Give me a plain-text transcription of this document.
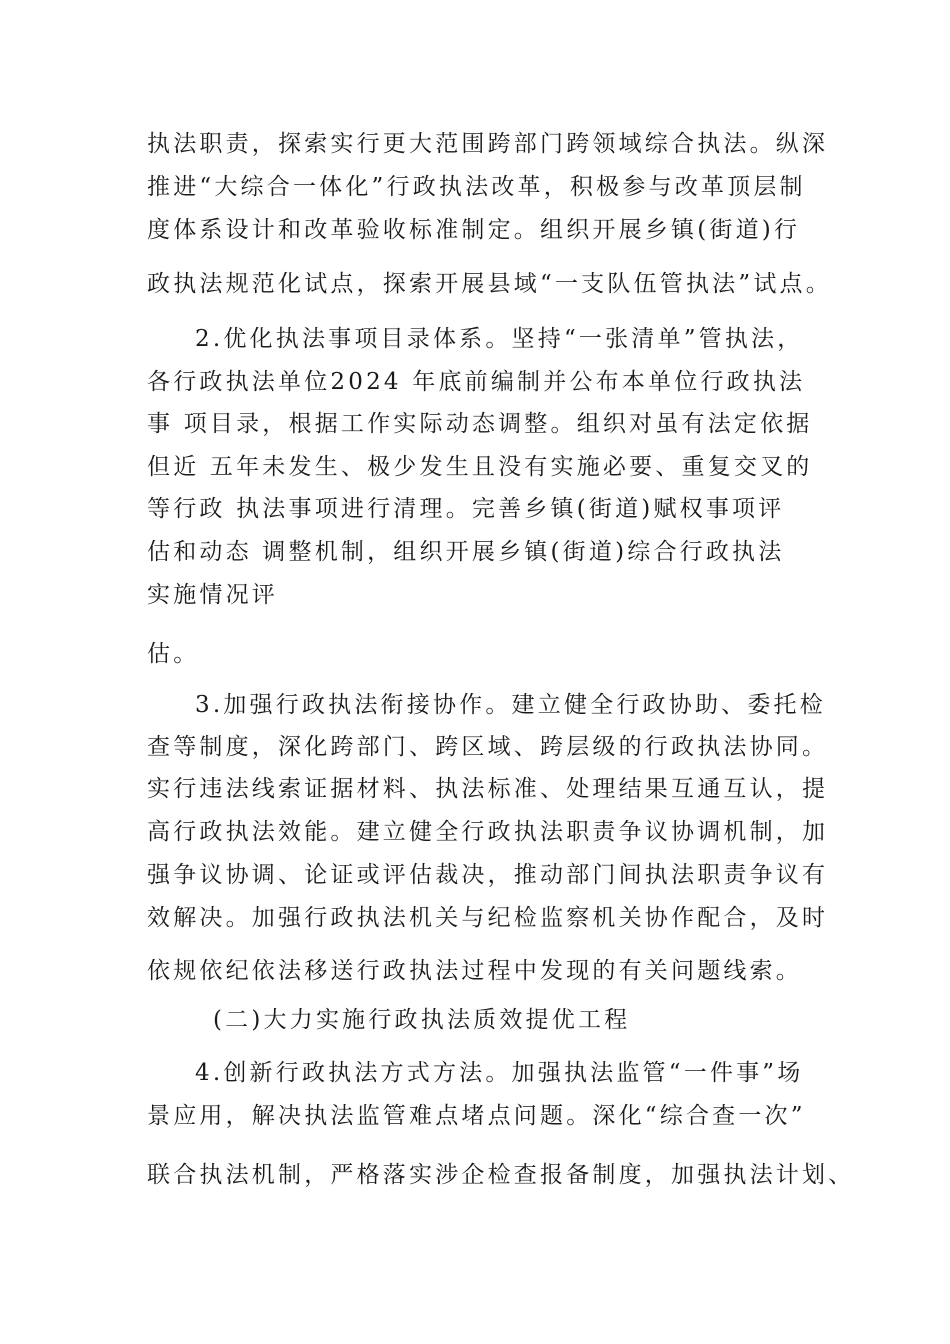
执法职责，探索实行更大范围跨部门跨领域综合执法。纵深

推进“大综合一体化”行政执法改革，积极参与改革顶层制

度体系设计和改革验收标准制定。组织开展乡镇(街道)行

政执法规范化试点，探索开展县域“一支队伍管执法”试点。

2.优化执法事项目录体系。坚持“一张清单”管执法，

各行政执法单位2024 年底前编制并公布本单位行政执法

事 项目录，根据工作实际动态调整。组织对虽有法定依据

但近 五年未发生、极少发生且没有实施必要、重复交叉的

等行政 执法事项进行清理。完善乡镇(街道)赋权事项评

估和动态 调整机制，组织开展乡镇(街道)综合行政执法

实施情况评

估。

3.加强行政执法衔接协作。建立健全行政协助、委托检

查等制度，深化跨部门、跨区域、跨层级的行政执法协同。

实行违法线索证据材料、执法标准、处理结果互通互认，提

高行政执法效能。建立健全行政执法职责争议协调机制，加

强争议协调、论证或评估裁决，推动部门间执法职责争议有

效解决。加强行政执法机关与纪检监察机关协作配合，及时

依规依纪依法移送行政执法过程中发现的有关问题线索。

(二)大力实施行政执法质效提优工程

4.创新行政执法方式方法。加强执法监管“一件事”场

景应用，解决执法监管难点堵点问题。深化“综合查一次”

联合执法机制，严格落实涉企检查报备制度，加强执法计划、
